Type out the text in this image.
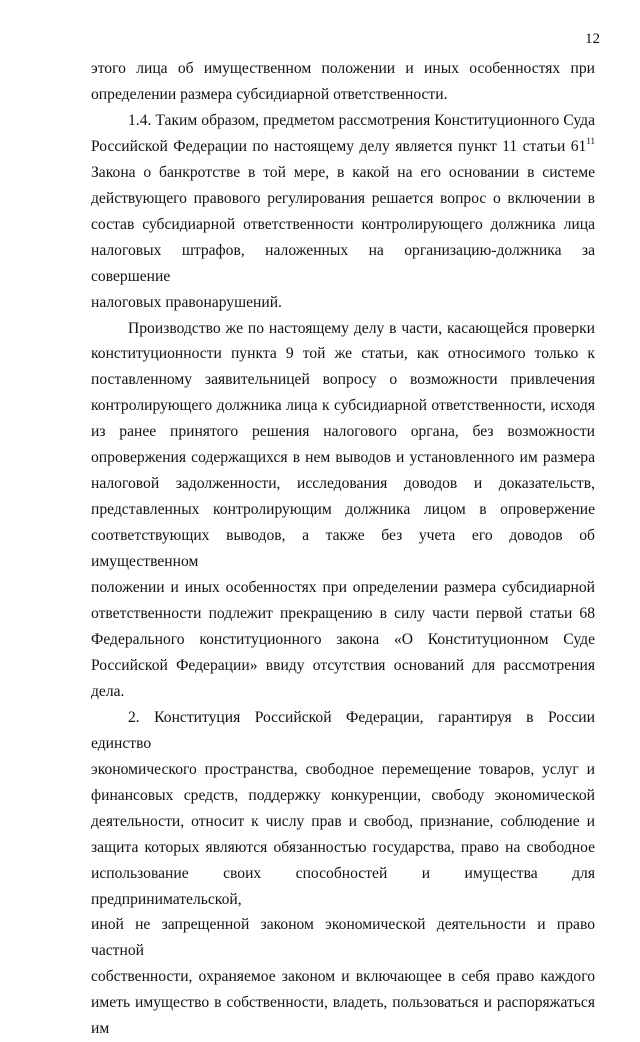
12

этого лица об имущественном положении и иных особенностях при

определении размера субсидиарной ответственности.

1.4. Таким образом, предметом рассмотрения Конституционного Суда

Российской Федерации по настоящему делу является пункт 11 статьи $61^{11}$

Закона о банкротстве в той мере, в какой на его основании в системе

действующего правового регулирования решается вопрос о включении в

состав субсидиарной ответственности контролирующего должника лица

налоговых штрафов, наложенных на организацию-должника за совершение

налоговых правонарушений.

Производство же по настоящему делу в части, касающейся проверки

конституционности пункта 9 той же статьи, как относимого только к

поставленному заявительницей вопросу о возможности привлечения

контролирующего должника лица к субсидиарной ответственности, исходя

из ранее принятого решения налогового органа, без возможности

опровержения содержащихся в нем выводов и установленного им размера

налоговой задолженности, исследования доводов и доказательств,

представленных контролирующим должника лицом в опровержение

соответствующих выводов, а также без учета его доводов об имущественном

положении и иных особенностях при определении размера субсидиарной

ответственности подлежит прекращению в силу части первой статьи 68

Федерального конституционного закона «О Конституционном Суде

Российской Федерации» ввиду отсутствия оснований для рассмотрения дела.

2. Конституция Российской Федерации, гарантируя в России единство

экономического пространства, свободное перемещение товаров, услуг и

финансовых средств, поддержку конкуренции, свободу экономической

деятельности, относит к числу прав и свобод, признание, соблюдение и

защита которых являются обязанностью государства, право на свободное

использование своих способностей и имущества для предпринимательской,

иной не запрещенной законом экономической деятельности и право частной

собственности, охраняемое законом и включающее в себя право каждого

иметь имущество в собственности, владеть, пользоваться и распоряжаться им
